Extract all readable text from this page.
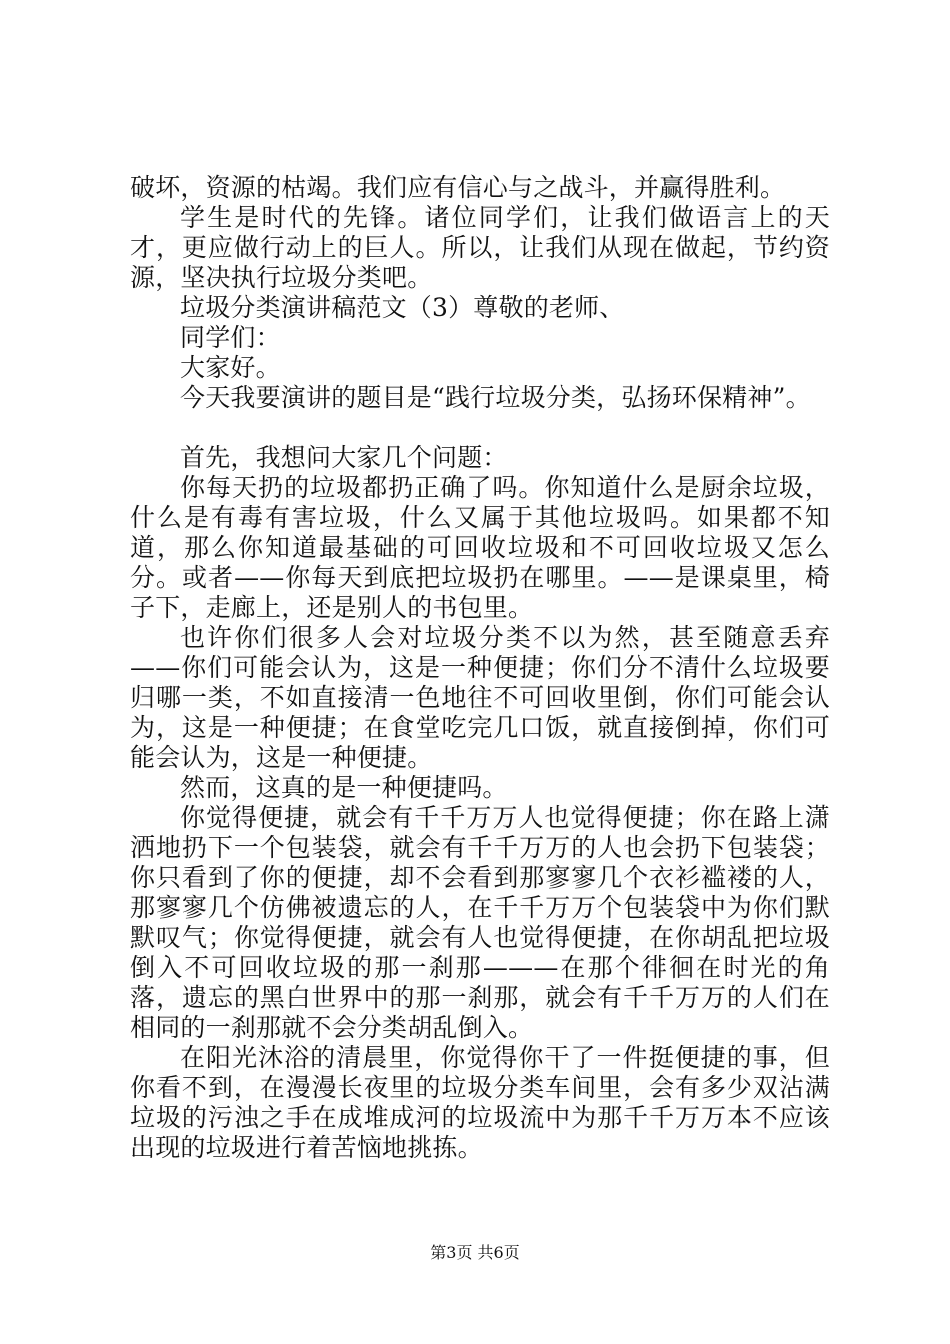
破坏，资源的枯竭。我们应有信心与之战斗，并赢得胜利。

学生是时代的先锋。诸位同学们，让我们做语言上的天才，更应做行动上的巨人。所以，让我们从现在做起，节约资源，坚决执行垃圾分类吧。

垃圾分类演讲稿范文（3）尊敬的老师、

同学们：

大家好。

今天我要演讲的题目是“践行垃圾分类，弘扬环保精神”。

首先，我想问大家几个问题：

你每天扔的垃圾都扔正确了吗。你知道什么是厨余垃圾，什么是有毒有害垃圾，什么又属于其他垃圾吗。如果都不知道，那么你知道最基础的可回收垃圾和不可回收垃圾又怎么分。或者——你每天到底把垃圾扔在哪里。——是课桌里，椅子下，走廊上，还是别人的书包里。

也许你们很多人会对垃圾分类不以为然，甚至随意丢弃——你们可能会认为，这是一种便捷；你们分不清什么垃圾要归哪一类，不如直接清一色地往不可回收里倒，你们可能会认为，这是一种便捷；在食堂吃完几口饭，就直接倒掉，你们可能会认为，这是一种便捷。

然而，这真的是一种便捷吗。

你觉得便捷，就会有千千万万人也觉得便捷；你在路上潇洒地扔下一个包装袋，就会有千千万万的人也会扔下包装袋；你只看到了你的便捷，却不会看到那寥寥几个衣衫褴褛的人，那寥寥几个仿佛被遗忘的人，在千千万万个包装袋中为你们默默叹气；你觉得便捷，就会有人也觉得便捷，在你胡乱把垃圾倒入不可回收垃圾的那一刹那———在那个徘徊在时光的角落，遗忘的黑白世界中的那一刹那，就会有千千万万的人们在相同的一刹那就不会分类胡乱倒入。

在阳光沐浴的清晨里，你觉得你干了一件挺便捷的事，但你看不到，在漫漫长夜里的垃圾分类车间里，会有多少双沾满垃圾的污浊之手在成堆成河的垃圾流中为那千千万万本不应该出现的垃圾进行着苦恼地挑拣。

第3页 共6页
